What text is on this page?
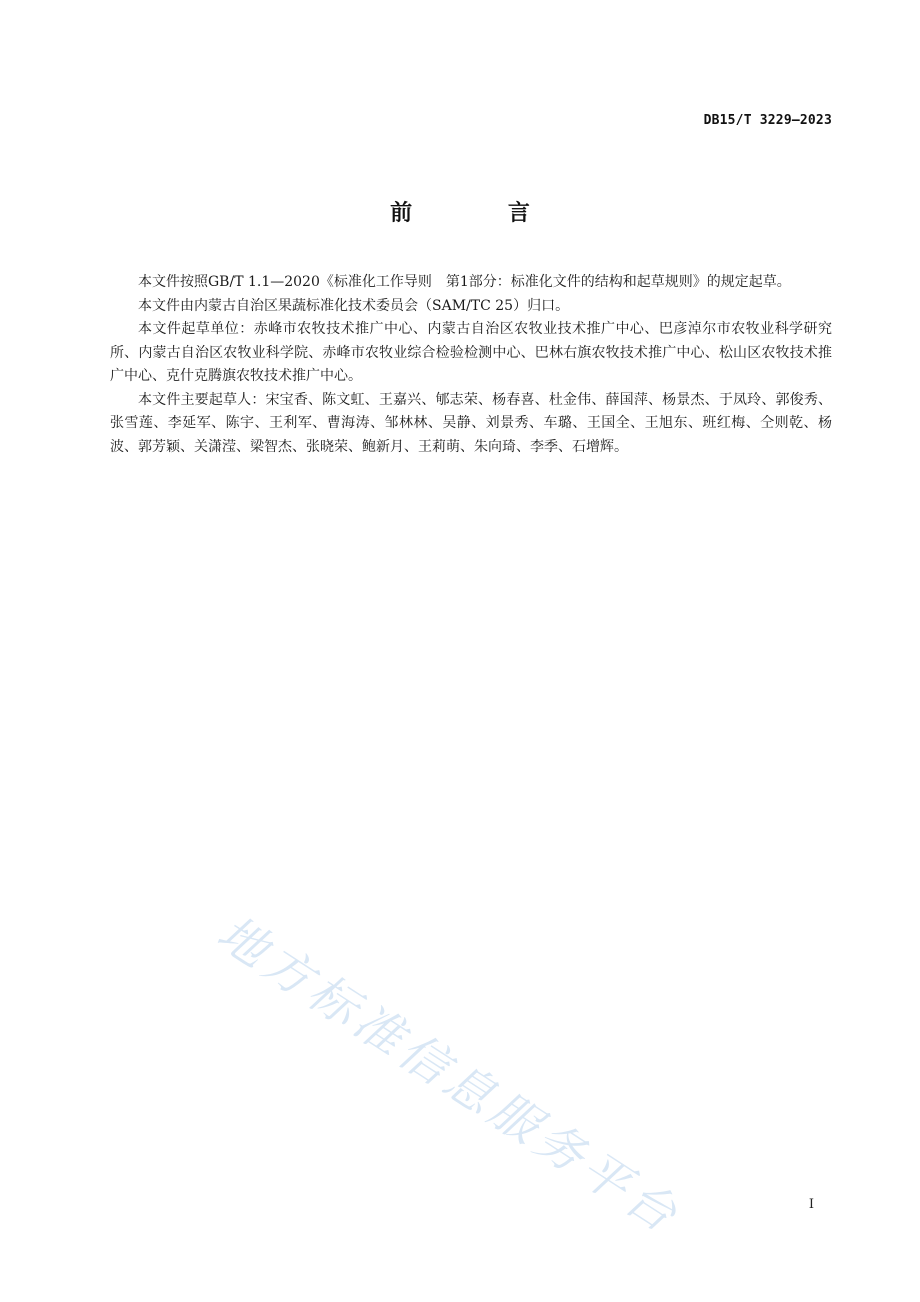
DB15/T 3229—2023
前 言

本文件按照GB/T 1.1—2020《标准化工作导则　第1部分：标准化文件的结构和起草规则》的规定起草。

本文件由内蒙古自治区果蔬标准化技术委员会（SAM/TC 25）归口。

本文件起草单位：赤峰市农牧技术推广中心、内蒙古自治区农牧业技术推广中心、巴彦淖尔市农牧业科学研究所、内蒙古自治区农牧业科学院、赤峰市农牧业综合检验检测中心、巴林右旗农牧技术推广中心、松山区农牧技术推广中心、克什克腾旗农牧技术推广中心。

本文件主要起草人：宋宝香、陈文虹、王嘉兴、郇志荣、杨春喜、杜金伟、薛国萍、杨景杰、于凤玲、郭俊秀、张雪莲、李延军、陈宇、王利军、曹海涛、邹林林、吴静、刘景秀、车璐、王国全、王旭东、班红梅、仝则乾、杨波、郭芳颖、关潇滢、梁智杰、张晓荣、鲍新月、王莉萌、朱向琦、李季、石增辉。

地方标准信息服务平台	I
